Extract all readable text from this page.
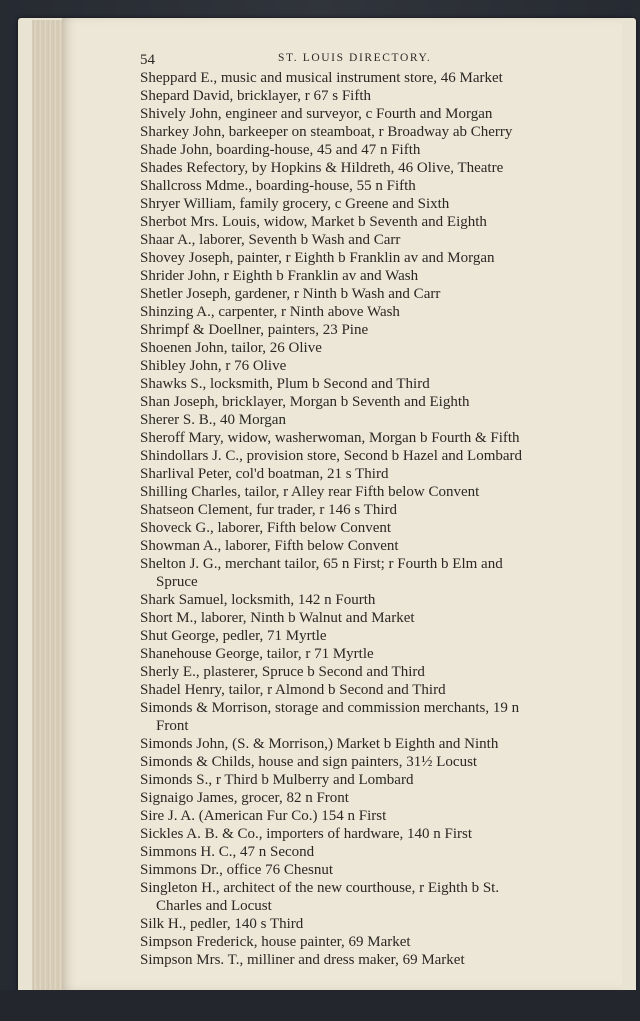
54	ST. LOUIS DIRECTORY.
Sheppard E., music and musical instrument store, 46 Market
Shepard David, bricklayer, r 67 s Fifth
Shively John, engineer and surveyor, c Fourth and Morgan
Sharkey John, barkeeper on steamboat, r Broadway ab Cherry
Shade John, boarding-house, 45 and 47 n Fifth
Shades Refectory, by Hopkins & Hildreth, 46 Olive, Theatre
Shallcross Mdme., boarding-house, 55 n Fifth
Shryer William, family grocery, c Greene and Sixth
Sherbot Mrs. Louis, widow, Market b Seventh and Eighth
Shaar A., laborer, Seventh b Wash and Carr
Shovey Joseph, painter, r Eighth b Franklin av and Morgan
Shrider John, r Eighth b Franklin av and Wash
Shetler Joseph, gardener, r Ninth b Wash and Carr
Shinzing A., carpenter, r Ninth above Wash
Shrimpf & Doellner, painters, 23 Pine
Shoenen John, tailor, 26 Olive
Shibley John, r 76 Olive
Shawks S., locksmith, Plum b Second and Third
Shan Joseph, bricklayer, Morgan b Seventh and Eighth
Sherer S. B., 40 Morgan
Sheroff Mary, widow, washerwoman, Morgan b Fourth & Fifth
Shindollars J. C., provision store, Second b Hazel and Lombard
Sharlival Peter, col'd boatman, 21 s Third
Shilling Charles, tailor, r Alley rear Fifth below Convent
Shatseon Clement, fur trader, r 146 s Third
Shoveck G., laborer, Fifth below Convent
Showman A., laborer, Fifth below Convent
Shelton J. G., merchant tailor, 65 n First; r Fourth b Elm and
Spruce
Shark Samuel, locksmith, 142 n Fourth
Short M., laborer, Ninth b Walnut and Market
Shut George, pedler, 71 Myrtle
Shanehouse George, tailor, r 71 Myrtle
Sherly E., plasterer, Spruce b Second and Third
Shadel Henry, tailor, r Almond b Second and Third
Simonds & Morrison, storage and commission merchants, 19 n
Front
Simonds John, (S. & Morrison,) Market b Eighth and Ninth
Simonds & Childs, house and sign painters, 31½ Locust
Simonds S., r Third b Mulberry and Lombard
Signaigo James, grocer, 82 n Front
Sire J. A. (American Fur Co.) 154 n First
Sickles A. B. & Co., importers of hardware, 140 n First
Simmons H. C., 47 n Second
Simmons Dr., office 76 Chesnut
Singleton H., architect of the new courthouse, r Eighth b St.
Charles and Locust
Silk H., pedler, 140 s Third
Simpson Frederick, house painter, 69 Market
Simpson Mrs. T., milliner and dress maker, 69 Market
